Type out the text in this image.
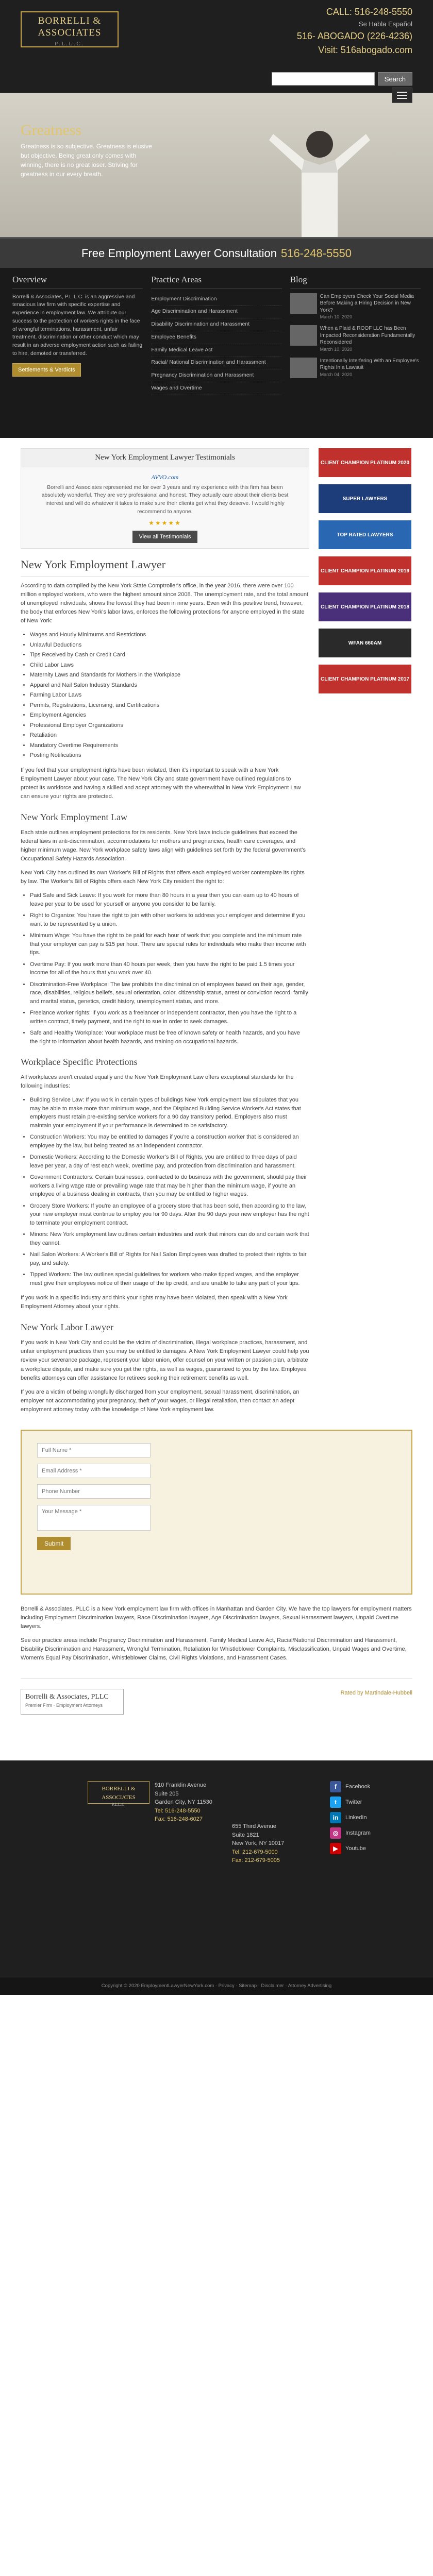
BORRELLI & ASSOCIATES
P.L.L.C.
CALL: 516-248-5550
Se Habla Español
516- ABOGADO (226-4236)
Visit: 516abogado.com
Search
Greatness
Greatness is so subjective. Greatness is elusive but objective. Being great only comes with winning, there is no great loser. Striving for greatness in our every breath.
Free Employment Lawyer Consultation 516-248-5550
Overview

Borrelli & Associates, P.L.L.C. is an aggressive and tenacious law firm with specific expertise and experience in employment law. We attribute our success to the protection of workers rights in the face of wrongful terminations, harassment, unfair treatment, discrimination or other conduct which may result in an adverse employment action such as failing to hire, demoted or transferred.

Settlements & Verdicts
Practice Areas
Employment Discrimination
Age Discrimination and Harassment
Disability Discrimination and Harassment
Employee Benefits
Family Medical Leave Act
Racial/ National Discrimination and Harassment
Pregnancy Discrimination and Harassment
Wages and Overtime
Blog
Can Employers Check Your Social Media Before Making a Hiring Decision in New York?
March 10, 2020
When a Plaid & ROOF LLC has Been Impacted Reconsideration Fundamentally Reconsidered
March 10, 2020
Intentionally Interfering With an Employee's Rights In a Lawsuit
March 04, 2020
New York Employment Lawyer Testimonials
AVVO.com

Borrelli and Associates represented me for over 3 years and my experience with this firm has been absolutely wonderful. They are very professional and honest. They actually care about their clients best interest and will do whatever it takes to make sure their clients get what they deserve. I would highly recommend to anyone.

★★★★★
View all Testimonials
New York Employment Lawyer

According to data compiled by the New York State Comptroller's office, in the year 2016, there were over 100 million employed workers, who were the highest amount since 2008. The unemployment rate, and the total amount of unemployed individuals, shows the lowest they had been in nine years. Even with this positive trend, however, the body that enforces New York's labor laws, enforces the following protections for anyone employed in the state of New York:

• Wages and Hourly Minimums and Restrictions
• Unlawful Deductions
• Tips Received by Cash or Credit Card
• Child Labor Laws
• Maternity Laws and Standards for Mothers in the Workplace
• Apparel and Nail Salon Industry Standards
• Farming Labor Laws
• Permits, Registrations, Licensing, and Certifications
• Employment Agencies
• Professional Employer Organizations
• Retaliation
• Mandatory Overtime Requirements
• Posting Notifications

If you feel that your employment rights have been violated, then it's important to speak with a New York Employment Lawyer about your case. The New York City and state government have outlined regulations to protect its workforce and having a skilled and adept attorney with the wherewithal in New York Employment Law can ensure your rights are protected.

New York Employment Law

Each state outlines employment protections for its residents. New York laws include guidelines that exceed the federal laws in anti-discrimination, accommodations for mothers and pregnancies, health care coverages, and higher minimum wage. New York workplace safety laws align with guidelines set forth by the federal government's Occupational Safety Hazards Association.

New York City has outlined its own Worker's Bill of Rights that offers each employed worker contemplate its rights by law. The Worker's Bill of Rights offers each New York City resident the right to:

• Paid Safe and Sick Leave: If you work for more than 80 hours in a year then you can earn up to 40 hours of leave per year to be used for yourself or anyone you consider to be family.
• Right to Organize: You have the right to join with other workers to address your employer and determine if you want to be represented by a union.
• Minimum Wage: You have the right to be paid for each hour of work that you complete and the minimum rate that your employer can pay is $15 per hour. There are special rules for individuals who make their income with tips.
• Overtime Pay: If you work more than 40 hours per week, then you have the right to be paid 1.5 times your income for all of the hours that you work over 40.
• Discrimination-Free Workplace: The law prohibits the discrimination of employees based on their age, gender, race, disabilities, religious beliefs, sexual orientation, color, citizenship status, arrest or conviction record, family and marital status, genetics, credit history, unemployment status, and more.
• Freelance worker rights: If you work as a freelancer or independent contractor, then you have the right to a written contract, timely payment, and the right to sue in order to seek damages.
• Safe and Healthy Workplace: Your workplace must be free of known safety or health hazards, and you have the right to information about health hazards, and training on occupational hazards.
Workplace Specific Protections

All workplaces aren't created equally and the New York Employment Law offers exceptional standards for the following industries:

• Building Service Law: If you work in certain types of buildings New York employment law stipulates that you may be able to make more than minimum wage, and the Displaced Building Service Worker's Act states that employers must retain pre-existing service workers for a 90 day transitory period. Employers also must maintain your employment if your performance is determined to be satisfactory.
• Construction Workers: You may be entitled to damages if you're a construction worker that is considered an employee by the law, but being treated as an independent contractor.
• Domestic Workers: According to the Domestic Worker's Bill of Rights, you are entitled to three days of paid leave per year, a day of rest each week, overtime pay, and protection from discrimination and harassment.
• Government Contractors: Certain businesses, contracted to do business with the government, should pay their workers a living wage rate or prevailing wage rate that may be higher than the minimum wage, if you're an employee of a business dealing in contracts, then you may be entitled to higher wages.
• Grocery Store Workers: If you're an employee of a grocery store that has been sold, then according to the law, your new employer must continue to employ you for 90 days. After the 90 days your new employer has the right to terminate your employment contract.
• Minors: New York employment law outlines certain industries and work that minors can do and certain work that they cannot.
• Nail Salon Workers: A Worker's Bill of Rights for Nail Salon Employees was drafted to protect their rights to fair pay, and safety.
• Tipped Workers: The law outlines special guidelines for workers who make tipped wages, and the employer must give their employees notice of their usage of the tip credit, and are unable to take any part of your tips.

If you work in a specific industry and think your rights may have been violated, then speak with a New York Employment Attorney about your rights.

New York Labor Lawyer

If you work in New York City and could be the victim of discrimination, illegal workplace practices, harassment, and unfair employment practices then you may be entitled to damages. A New York Employment Lawyer could help you review your severance package, represent your labor union, offer counsel on your written or passion plan, arbitrate a workplace dispute, and make sure you get the rights, as well as wages, guaranteed to you by the law. Employee benefits attorneys can offer assistance for retirees seeking their retirement benefits as well.

If you are a victim of being wrongfully discharged from your employment, sexual harassment, discrimination, an employer not accommodating your pregnancy, theft of your wages, or illegal retaliation, then contact an adept employment attorney today with the knowledge of New York employment law.

CLIENT CHAMPION PLATINUM 2020
SUPER LAWYERS
TOP RATED LAWYERS
CLIENT CHAMPION PLATINUM 2019
CLIENT CHAMPION PLATINUM 2018
WFAN 660AM
CLIENT CHAMPION PLATINUM 2017
Full Name *
Email Address *
Phone Number
Your Message * Submit

Borrelli & Associates, PLLC is a New York employment law firm with offices in Manhattan and Garden City. We have the top lawyers for employment matters including Employment Discrimination lawyers, Race Discrimination lawyers, Age Discrimination lawyers, Sexual Harassment lawyers, Unpaid Overtime lawyers.

See our practice areas include Pregnancy Discrimination and Harassment, Family Medical Leave Act, Racial/National Discrimination and Harassment, Disability Discrimination and Harassment, Wrongful Termination, Retaliation for Whistleblower Complaints, Misclassification, Unpaid Wages and Overtime, Women's Equal Pay Discrimination, Whistleblower Claims, Civil Rights Violations, and Harassment Cases.

Borrelli & Associates, PLLC
Premier Firm · Employment Attorneys
Rated by Martindale-Hubbell
BORRELLI & ASSOCIATES
P.L.L.C.
910 Franklin Avenue
Suite 205
Garden City, NY 11530
Tel: 516-248-5550
Fax: 516-248-6027
655 Third Avenue
Suite 1821
New York, NY 10017
Tel: 212-679-5000
Fax: 212-679-5005
f	Facebook
t	Twitter
in	LinkedIn
◎	Instagram
▶	Youtube
Copyright © 2020 EmploymentLawyerNewYork.com · Privacy · Sitemap · Disclaimer · Attorney Advertising
